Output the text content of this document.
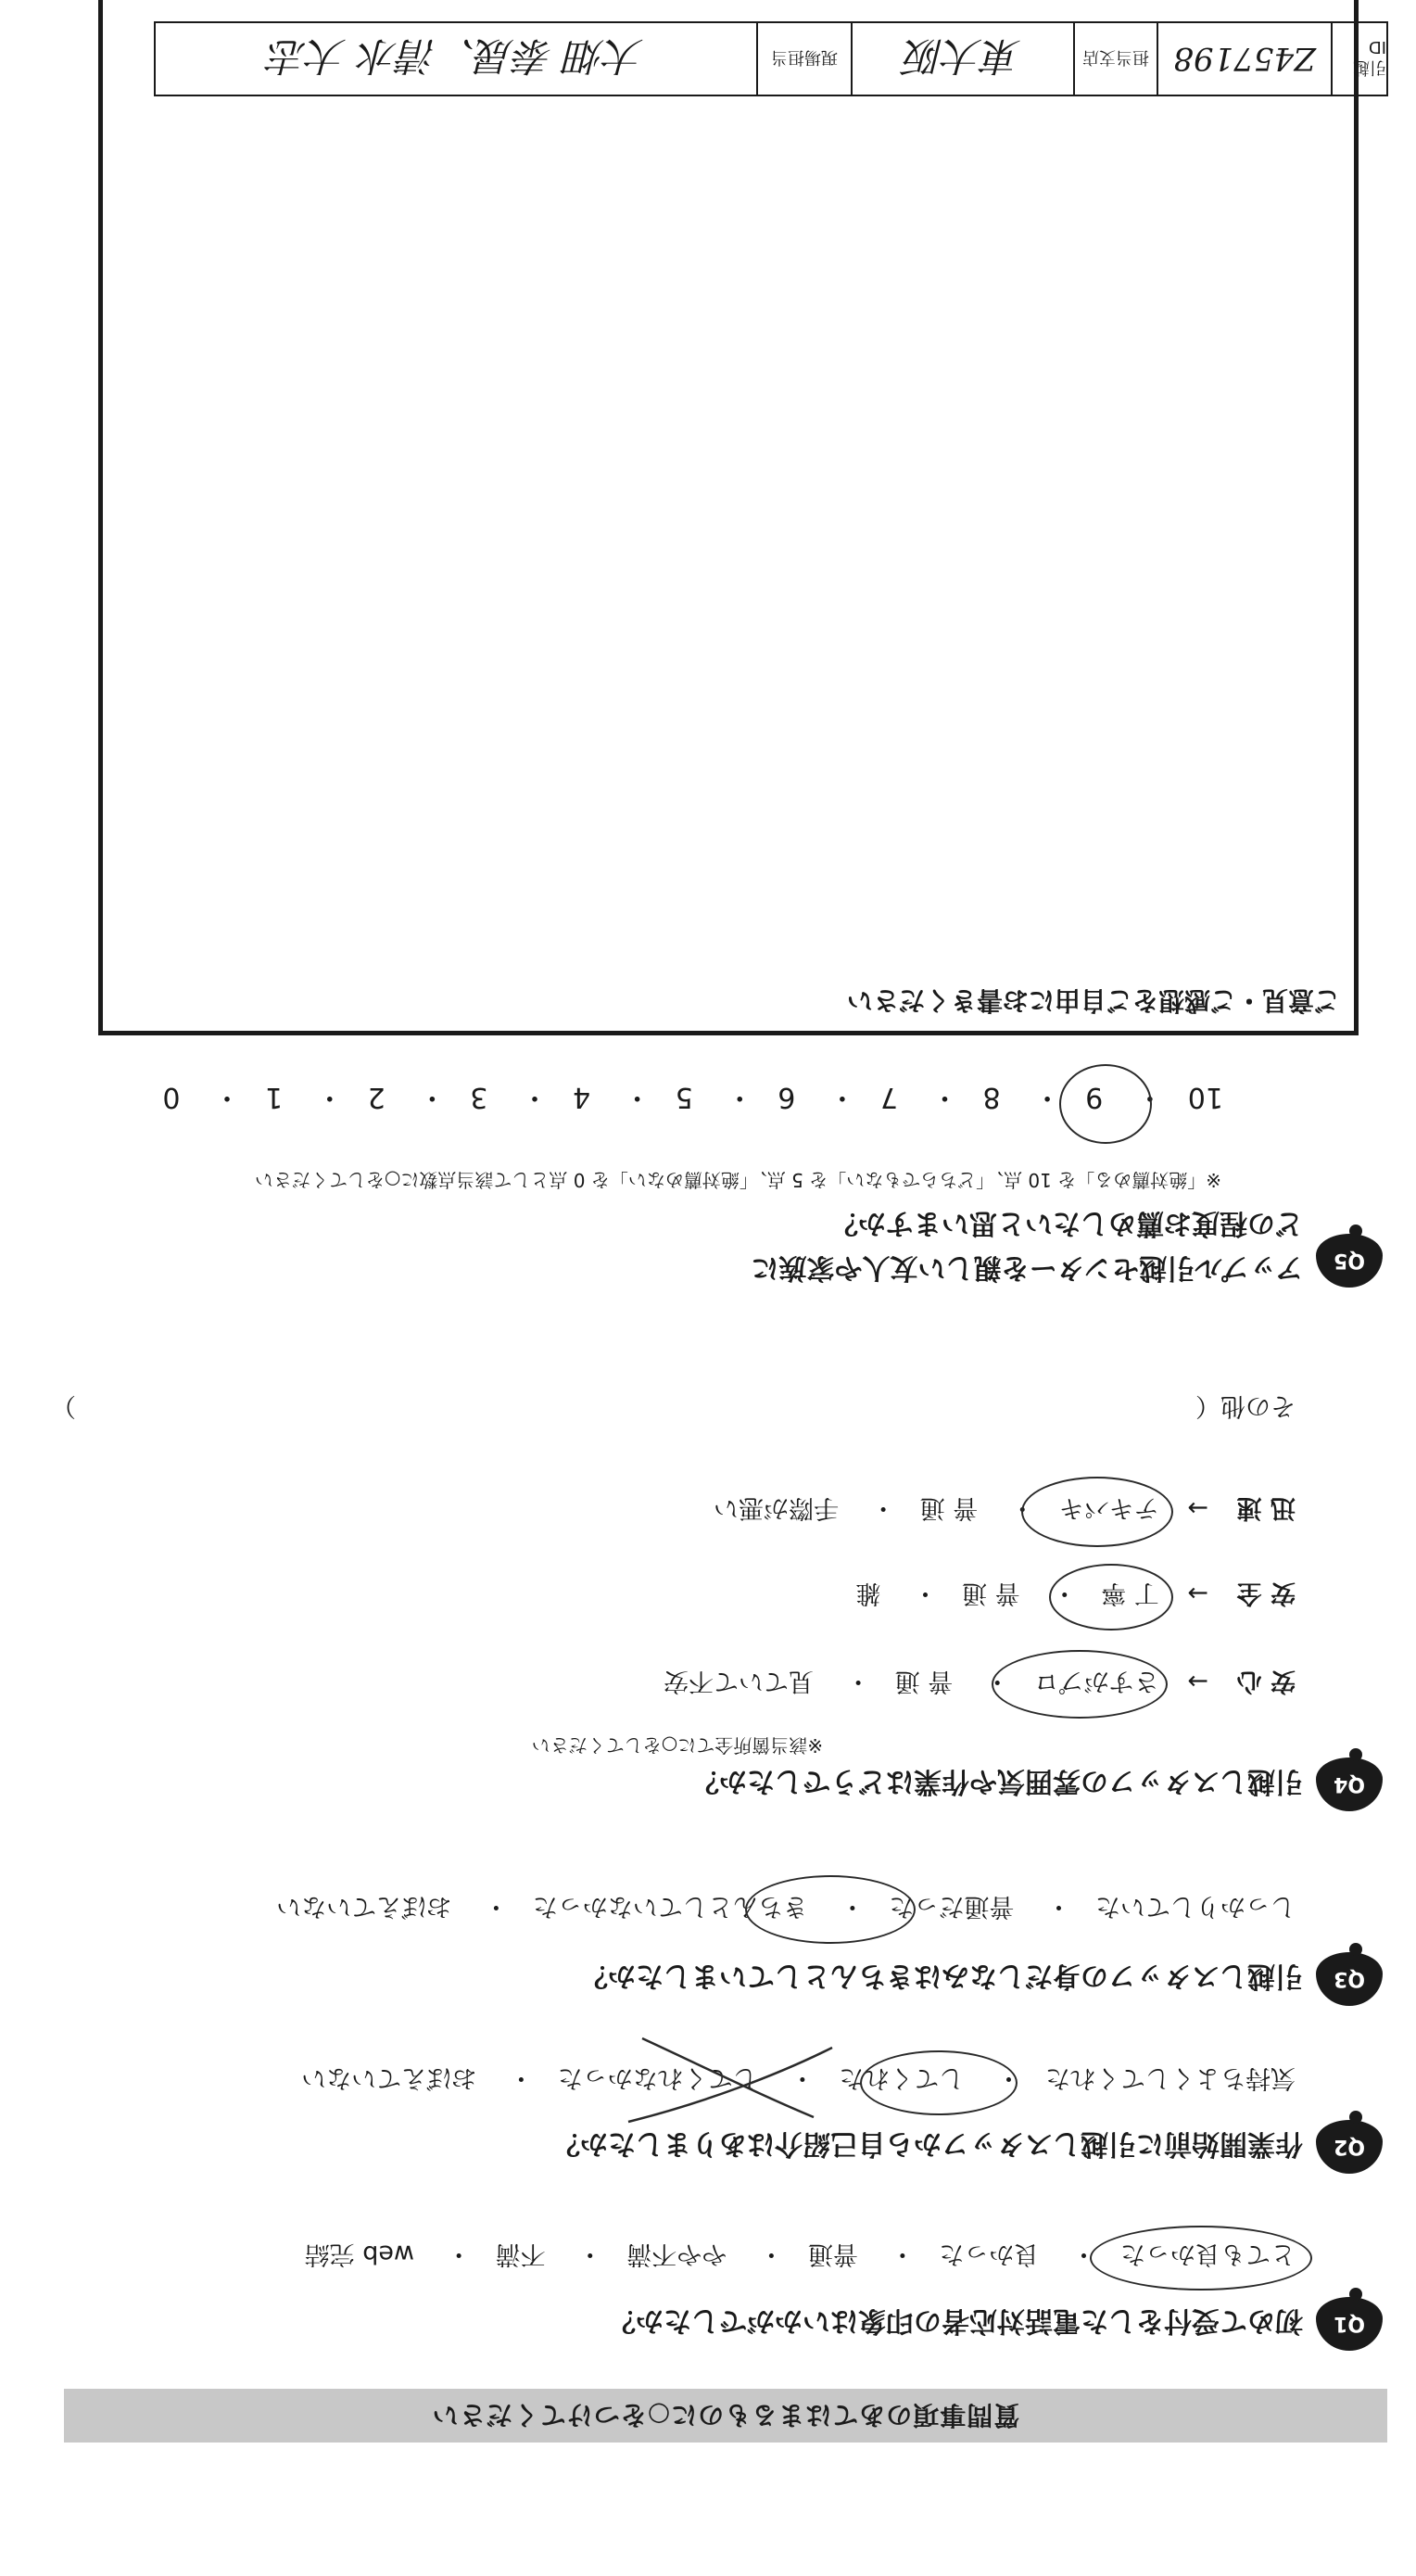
質問事項のあてはまるものに○をつけてください
Q1
初めて受付をした電話対応者の印象はいかがでしたか？
とても良かった・ 良かった・ 普通・ やや不満・ 不満・ web 完結
Q2
作業開始前に引越しスタッフから自己紹介はありましたか？
気持ちよくしてくれた・ してくれた・ してくれなかった・ おぼえていない
Q3
引越しスタッフの身だしなみはきちんとしていましたか？
しっかりしていた・ 普通だった・ きちんとしていなかった・ おぼえていない
Q4
引越しスタッフの雰囲気や作業はどうでしたか？
※該当箇所全てに○をしてください
安 心 → さすがプロ・ 普 通・ 見ていて不安
安 全 → 丁 寧・ 普 通・ 雑
迅 速 → テキパキ・ 普 通・ 手際が悪い
その他（
）
Q5
アップル引越センターを親しい友人や家族に
どの程度お薦めしたいと思いますか？
※「絶対薦める」を 10 点、「どちらでもない」を 5 点、「絶対薦めない」を 0 点として該当点数に○をしてください
10・ 9・ 8・ 7・ 6・ 5・ 4・ 3・ 2・ 1・ 0
ご意見・ご感想をご自由にお書きください
引越 ID
Z457198
担当支店
東大阪
現場担当
大畑 泰晟、清水 大志
